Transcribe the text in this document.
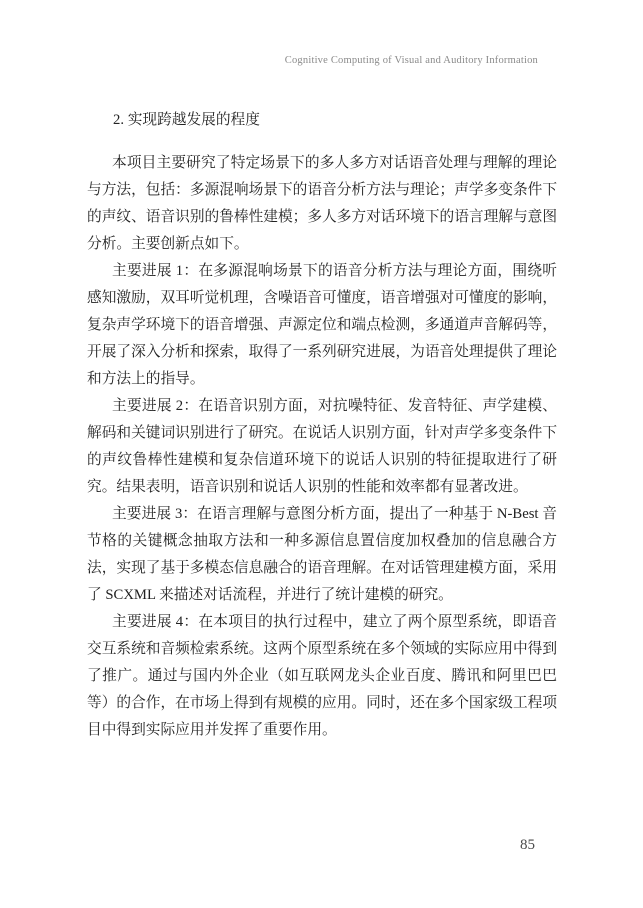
Cognitive Computing of Visual and Auditory Information
2. 实现跨越发展的程度

本项目主要研究了特定场景下的多人多方对话语音处理与理解的理论与方法，包括：多源混响场景下的语音分析方法与理论；声学多变条件下的声纹、语音识别的鲁棒性建模；多人多方对话环境下的语言理解与意图分析。主要创新点如下。

主要进展 1：在多源混响场景下的语音分析方法与理论方面，围绕听感知激励，双耳听觉机理，含噪语音可懂度，语音增强对可懂度的影响，复杂声学环境下的语音增强、声源定位和端点检测，多通道声音解码等，开展了深入分析和探索，取得了一系列研究进展，为语音处理提供了理论和方法上的指导。

主要进展 2：在语音识别方面，对抗噪特征、发音特征、声学建模、解码和关键词识别进行了研究。在说话人识别方面，针对声学多变条件下的声纹鲁棒性建模和复杂信道环境下的说话人识别的特征提取进行了研究。结果表明，语音识别和说话人识别的性能和效率都有显著改进。

主要进展 3：在语言理解与意图分析方面，提出了一种基于 N-Best 音节格的关键概念抽取方法和一种多源信息置信度加权叠加的信息融合方法，实现了基于多模态信息融合的语音理解。在对话管理建模方面，采用了 SCXML 来描述对话流程，并进行了统计建模的研究。

主要进展 4：在本项目的执行过程中，建立了两个原型系统，即语音交互系统和音频检索系统。这两个原型系统在多个领域的实际应用中得到了推广。通过与国内外企业（如互联网龙头企业百度、腾讯和阿里巴巴等）的合作，在市场上得到有规模的应用。同时，还在多个国家级工程项目中得到实际应用并发挥了重要作用。

85
